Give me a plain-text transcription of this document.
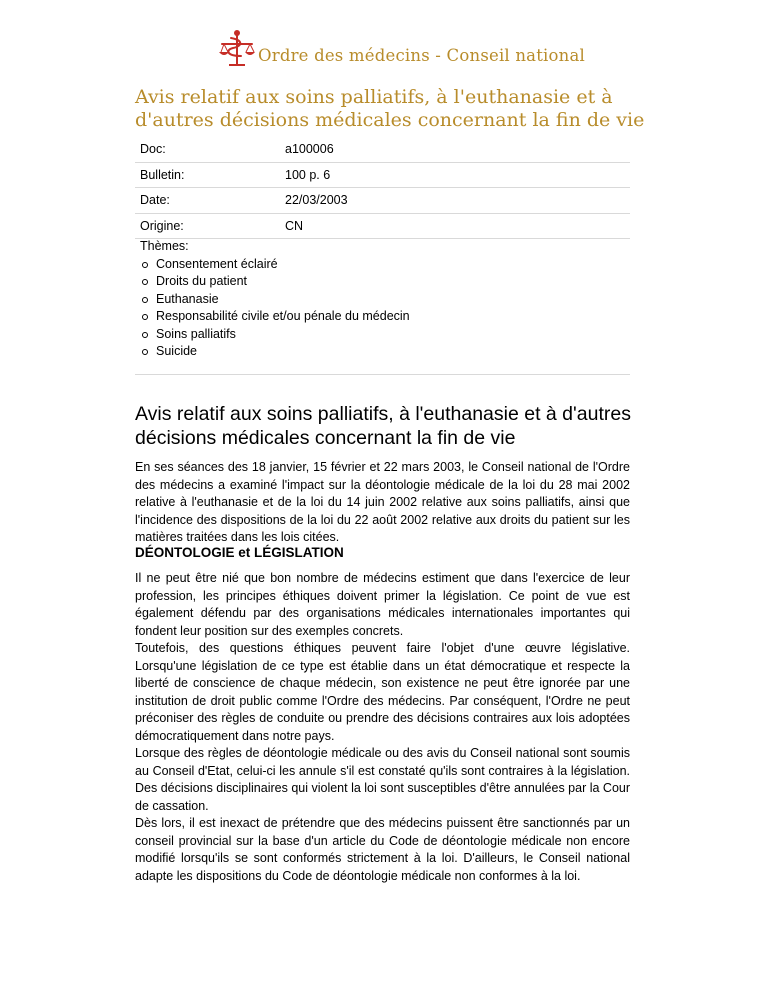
Ordre des médecins - Conseil national
Avis relatif aux soins palliatifs, à l'euthanasie et à d'autres décisions médicales concernant la fin de vie
Doc:	a100006
Bulletin:	100 p. 6
Date:	22/03/2003
Origine:	CN
Thèmes:
Consentement éclairé
Droits du patient
Euthanasie
Responsabilité civile et/ou pénale du médecin
Soins palliatifs
Suicide
Avis relatif aux soins palliatifs, à l'euthanasie et à d'autres décisions médicales concernant la fin de vie

En ses séances des 18 janvier, 15 février et 22 mars 2003, le Conseil national de l'Ordre des médecins a examiné l'impact sur la déontologie médicale de la loi du 28 mai 2002 relative à l'euthanasie et de la loi du 14 juin 2002 relative aux soins palliatifs, ainsi que l'incidence des dispositions de la loi du 22 août 2002 relative aux droits du patient sur les matières traitées dans les lois citées.

DÉONTOLOGIE et LÉGISLATION

Il ne peut être nié que bon nombre de médecins estiment que dans l'exercice de leur profession, les principes éthiques doivent primer la législation. Ce point de vue est également défendu par des organisations médicales internationales importantes qui fondent leur position sur des exemples concrets.

Toutefois, des questions éthiques peuvent faire l'objet d'une œuvre législative. Lorsqu'une législation de ce type est établie dans un état démocratique et respecte la liberté de conscience de chaque médecin, son existence ne peut être ignorée par une institution de droit public comme l'Ordre des médecins. Par conséquent, l'Ordre ne peut préconiser des règles de conduite ou prendre des décisions contraires aux lois adoptées démocratiquement dans notre pays.

Lorsque des règles de déontologie médicale ou des avis du Conseil national sont soumis au Conseil d'Etat, celui-ci les annule s'il est constaté qu'ils sont contraires à la législation. Des décisions disciplinaires qui violent la loi sont susceptibles d'être annulées par la Cour de cassation.

Dès lors, il est inexact de prétendre que des médecins puissent être sanctionnés par un conseil provincial sur la base d'un article du Code de déontologie médicale non encore modifié lorsqu'ils se sont conformés strictement à la loi. D'ailleurs, le Conseil national adapte les dispositions du Code de déontologie médicale non conformes à la loi.
